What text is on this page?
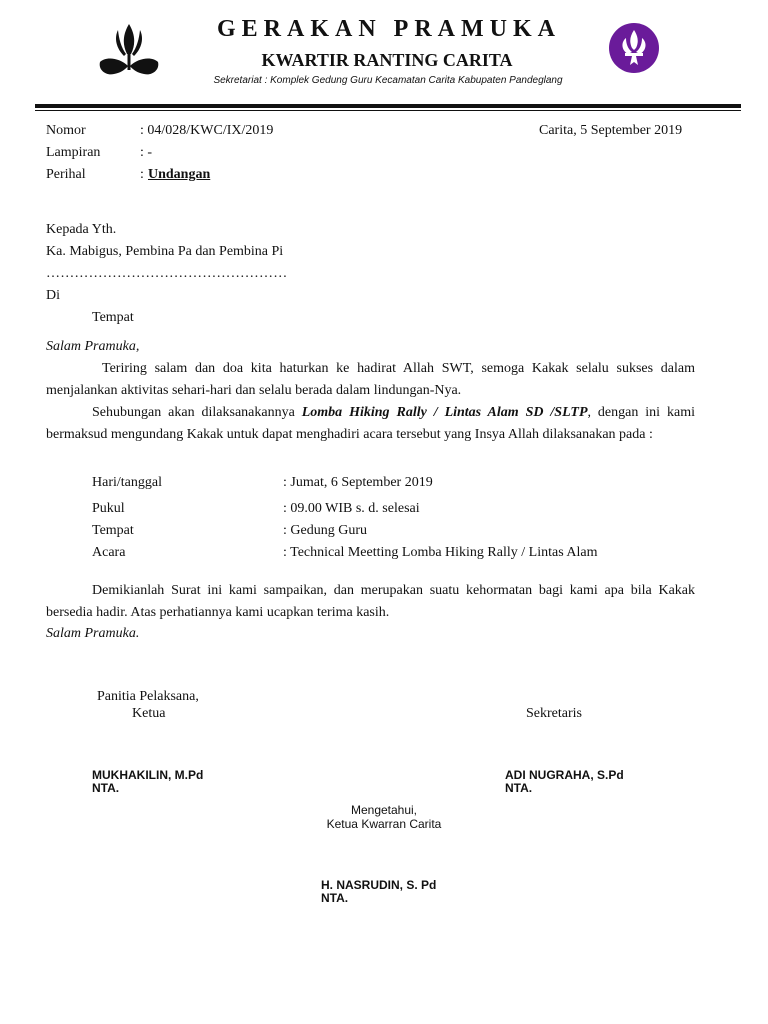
GERAKAN PRAMUKA
KWARTIR RANTING CARITA
Sekretariat : Komplek Gedung Guru Kecamatan Carita Kabupaten Pandeglang
Nomor	: 04/028/KWC/IX/2019	Carita, 5 September 2019
Lampiran	: -
Perihal	: Undangan
Kepada Yth.
Ka. Mabigus, Pembina Pa dan Pembina Pi
……………………………………………
Di
Tempat
Salam Pramuka,
Teriring salam dan doa kita haturkan ke hadirat Allah SWT, semoga Kakak selalu sukses dalam menjalankan aktivitas sehari-hari dan selalu berada dalam lindungan-Nya.
Sehubungan akan dilaksanakannya Lomba Hiking Rally / Lintas Alam SD /SLTP, dengan ini kami bermaksud mengundang Kakak untuk dapat menghadiri acara tersebut yang Insya Allah dilaksanakan pada :
Hari/tanggal	: Jumat, 6 September 2019
Pukul	: 09.00 WIB s. d. selesai
Tempat	: Gedung Guru
Acara	: Technical Meetting Lomba Hiking Rally / Lintas Alam
Demikianlah Surat ini kami sampaikan, dan merupakan suatu kehormatan bagi kami apa bila Kakak bersedia hadir. Atas perhatiannya kami ucapkan terima kasih.
Salam Pramuka.
Panitia Pelaksana,
Ketua	Sekretaris
MUKHAKILIN, M.Pd
NTA.
ADI NUGRAHA, S.Pd
NTA.
Mengetahui,
Ketua Kwarran Carita
H. NASRUDIN, S. Pd
NTA.
